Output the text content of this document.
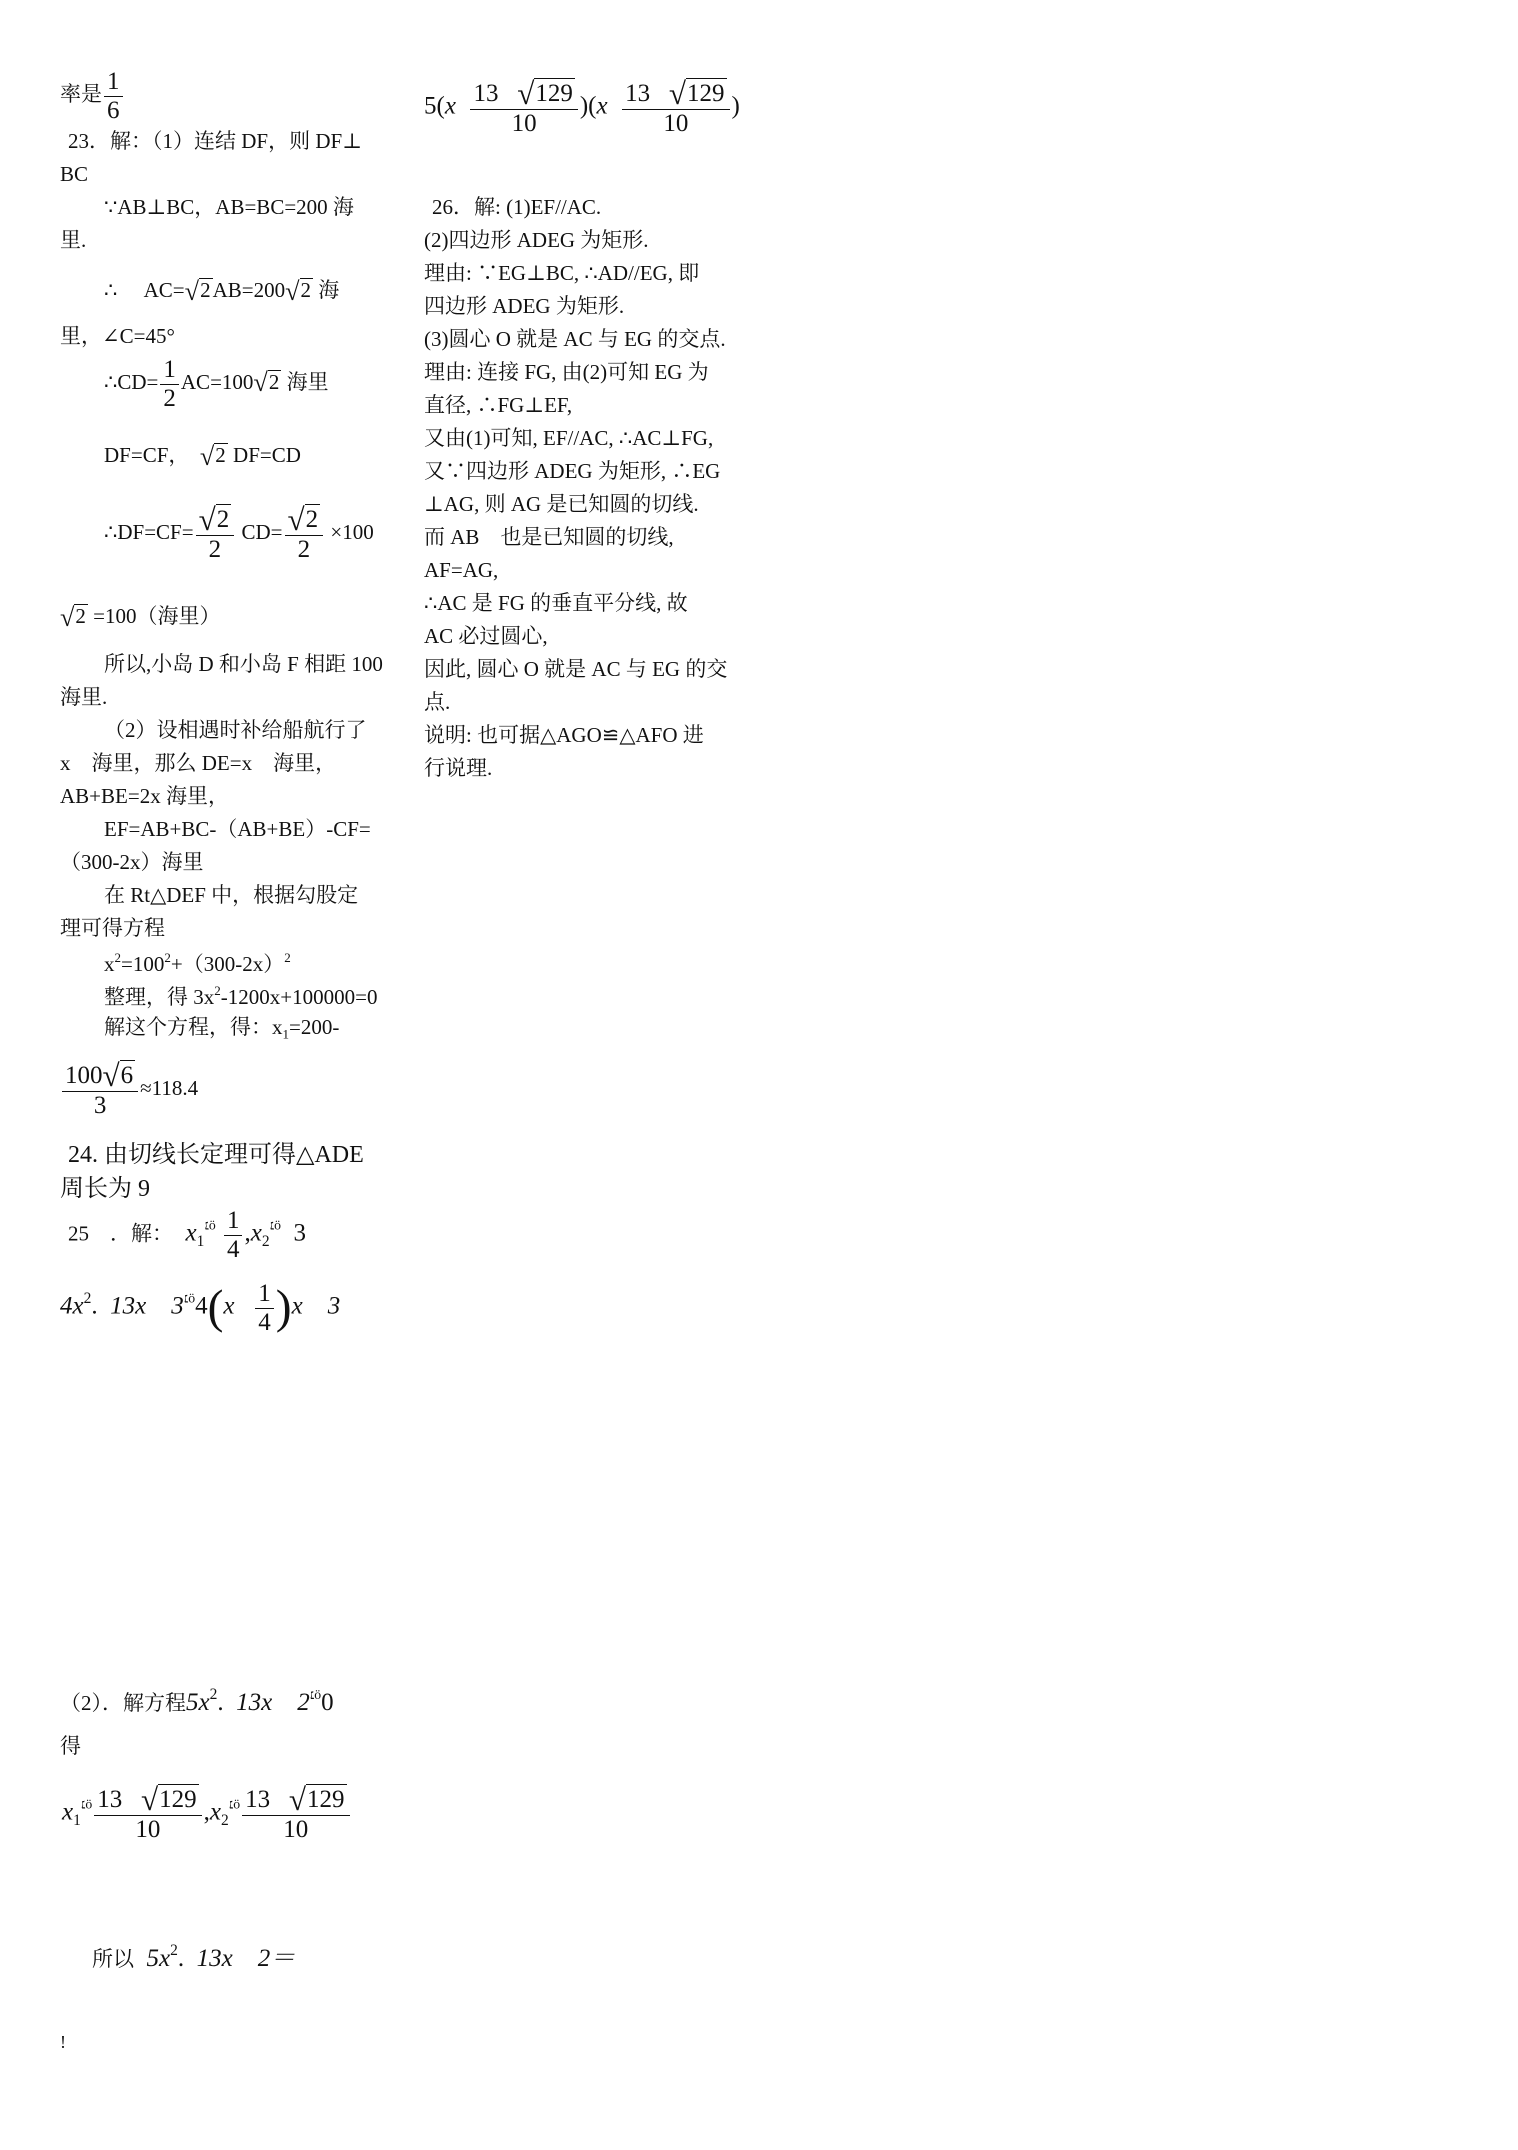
率是 $\frac{1}{6}$
23．解：（1）连结 DF，则 DF⊥
BC
∵AB⊥BC，AB=BC=200 海
里.
∴ AC=√2AB=200√2 海
里，∠C=45°
∴CD= $\frac{1}{2} AC=100√2$ 海里
DF=CF， √2 DF=CD
∴DF=CF= $\frac{√2}{2} CD= \frac{√2}{2} \times 100$
√2 =100（海里）
所以,小岛 D 和小岛 F 相距 100
海里.
（2）设相遇时补给船航行了
x　海里，那么 DE=x　海里，
AB+BE=2x 海里，
EF=AB+BC-（AB+BE）-CF=
（300-2x）海里
在 Rt△DEF 中，根据勾股定
理可得方程
$x^2=100^2+(300-2x)^2$
整理，得 $3x^2-1200x+100000=0$
解这个方程，得：$x_1=200-$
$\frac{100√6}{3} \approx 118.4$
24. 由切线长定理可得△ADE
周长为 9
25　．解： $x_1^{׆ö} \frac{1}{4} ,x_2^{׆ö}$ 3
$4x^2$.  13x　$3^{׆ö}4(x \frac{1}{4} )x$　3
（2）．解方程$5x^2$.  13x　$2^{׆ö}0$
得
$x_1^{׆ö} \frac{13 √129}{10} ,x_2^{׆ö} \frac{13 √129}{10}$
所以 $5x^2$.  13x　2＝
!
$5(x \frac{13 √129}{10} )(x \frac{13 √129}{10}$ )
26．解: (1)EF//AC.
(2)四边形 ADEG 为矩形.
理由: ∵EG⊥BC, ∴AD//EG, 即
四边形 ADEG 为矩形.
(3)圆心 O 就是 AC 与 EG 的交点.
理由: 连接 FG, 由(2)可知 EG 为
直径, ∴FG⊥EF,
又由(1)可知, EF//AC, ∴AC⊥FG,
又∵四边形 ADEG 为矩形, ∴EG
⊥AG, 则 AG 是已知圆的切线.
而 AB　也是已知圆的切线,
AF=AG,
∴AC 是 FG 的垂直平分线, 故
AC 必过圆心,
因此, 圆心 O 就是 AC 与 EG 的交
点.
说明: 也可据△AGO≌△AFO 进
行说理.
